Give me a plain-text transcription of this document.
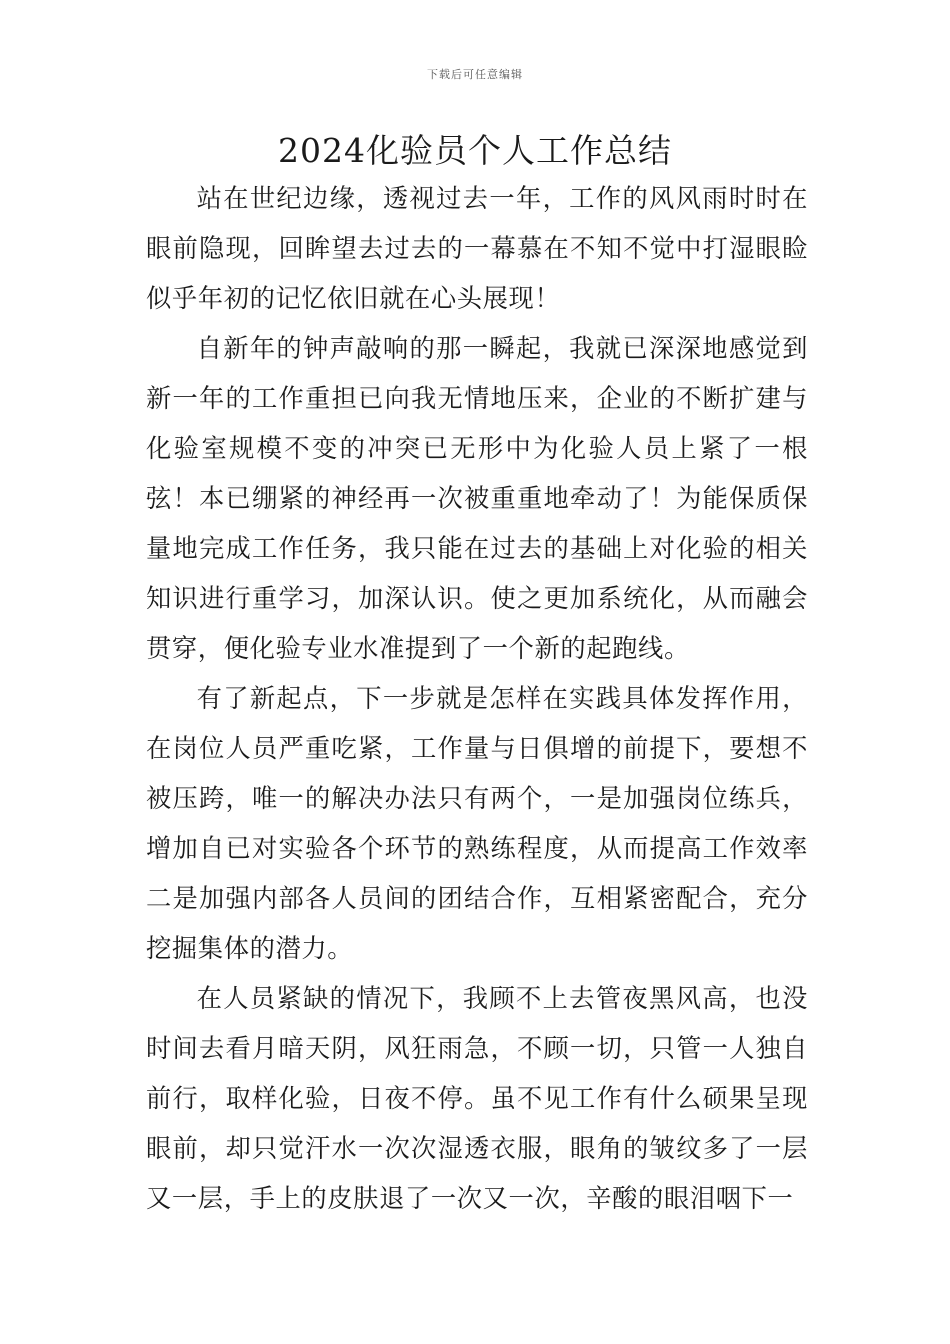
下载后可任意编辑
2024化验员个人工作总结

站在世纪边缘，透视过去一年，工作的风风雨时时在眼前隐现，回眸望去过去的一幕慕在不知不觉中打湿眼睑似乎年初的记忆依旧就在心头展现！

自新年的钟声敲响的那一瞬起，我就已深深地感觉到新一年的工作重担已向我无情地压来，企业的不断扩建与化验室规模不变的冲突已无形中为化验人员上紧了一根弦！本已绷紧的神经再一次被重重地牵动了！为能保质保量地完成工作任务，我只能在过去的基础上对化验的相关知识进行重学习，加深认识。使之更加系统化，从而融会贯穿，便化验专业水准提到了一个新的起跑线。

有了新起点，下一步就是怎样在实践具体发挥作用，在岗位人员严重吃紧，工作量与日俱增的前提下，要想不被压跨，唯一的解决办法只有两个，一是加强岗位练兵，增加自已对实验各个环节的熟练程度，从而提高工作效率二是加强内部各人员间的团结合作，互相紧密配合，充分挖掘集体的潜力。

在人员紧缺的情况下，我顾不上去管夜黑风高，也没时间去看月暗天阴，风狂雨急，不顾一切，只管一人独自前行，取样化验，日夜不停。虽不见工作有什么硕果呈现眼前，却只觉汗水一次次湿透衣服，眼角的皱纹多了一层又一层，手上的皮肤退了一次又一次，辛酸的眼泪咽下一
